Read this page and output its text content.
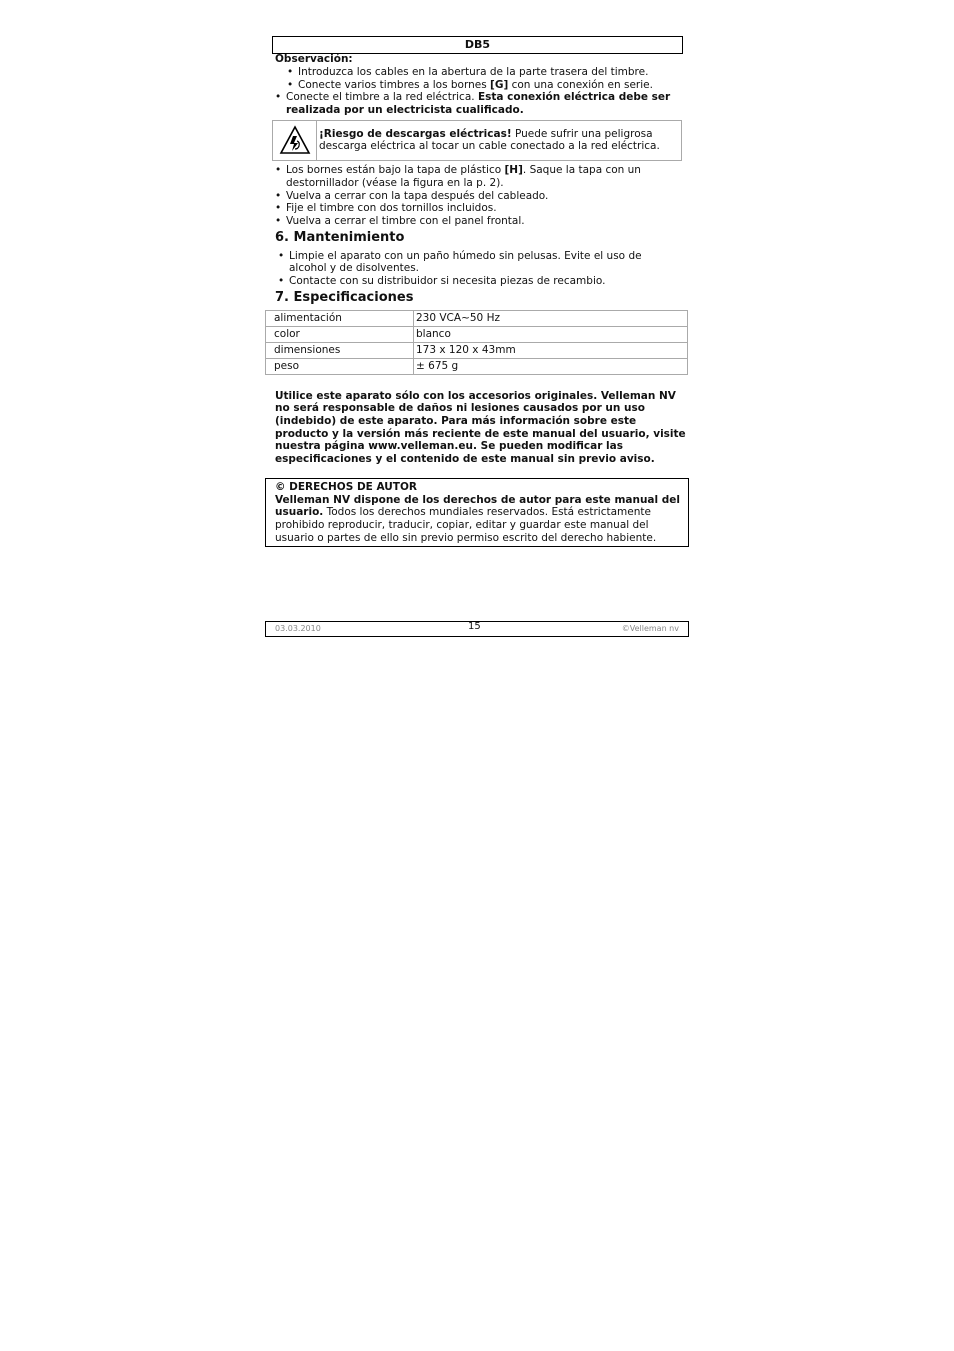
DB5
Observación:
• Introduzca los cables en la abertura de la parte trasera del timbre.
• Conecte varios timbres a los bornes [G] con una conexión en serie.
• Conecte el timbre a la red eléctrica. Esta conexión eléctrica debe ser
realizada por un electricista cualificado.
¡Riesgo de descargas eléctricas! Puede sufrir una peligrosa
descarga eléctrica al tocar un cable conectado a la red eléctrica.
• Los bornes están bajo la tapa de plástico [H]. Saque la tapa con un
destornillador (véase la figura en la p. 2).
• Vuelva a cerrar con la tapa después del cableado.
• Fije el timbre con dos tornillos incluidos.
• Vuelva a cerrar el timbre con el panel frontal.
6. Mantenimiento
• Limpie el aparato con un paño húmedo sin pelusas. Evite el uso de
alcohol y de disolventes.
• Contacte con su distribuidor si necesita piezas de recambio.
7. Especificaciones
alimentación	230 VCA~50 Hz
color	blanco
dimensiones	173 x 120 x 43mm
peso	± 675 g
Utilice este aparato sólo con los accesorios originales. Velleman NV
no será responsable de daños ni lesiones causados por un uso
(indebido) de este aparato. Para más información sobre este
producto y la versión más reciente de este manual del usuario, visite
nuestra página www.velleman.eu. Se pueden modificar las
especificaciones y el contenido de este manual sin previo aviso.
© DERECHOS DE AUTOR
Velleman NV dispone de los derechos de autor para este manual del
usuario. Todos los derechos mundiales reservados. Está estrictamente
prohibido reproducir, traducir, copiar, editar y guardar este manual del
usuario o partes de ello sin previo permiso escrito del derecho habiente.
03.03.2010	15	©Velleman nv
